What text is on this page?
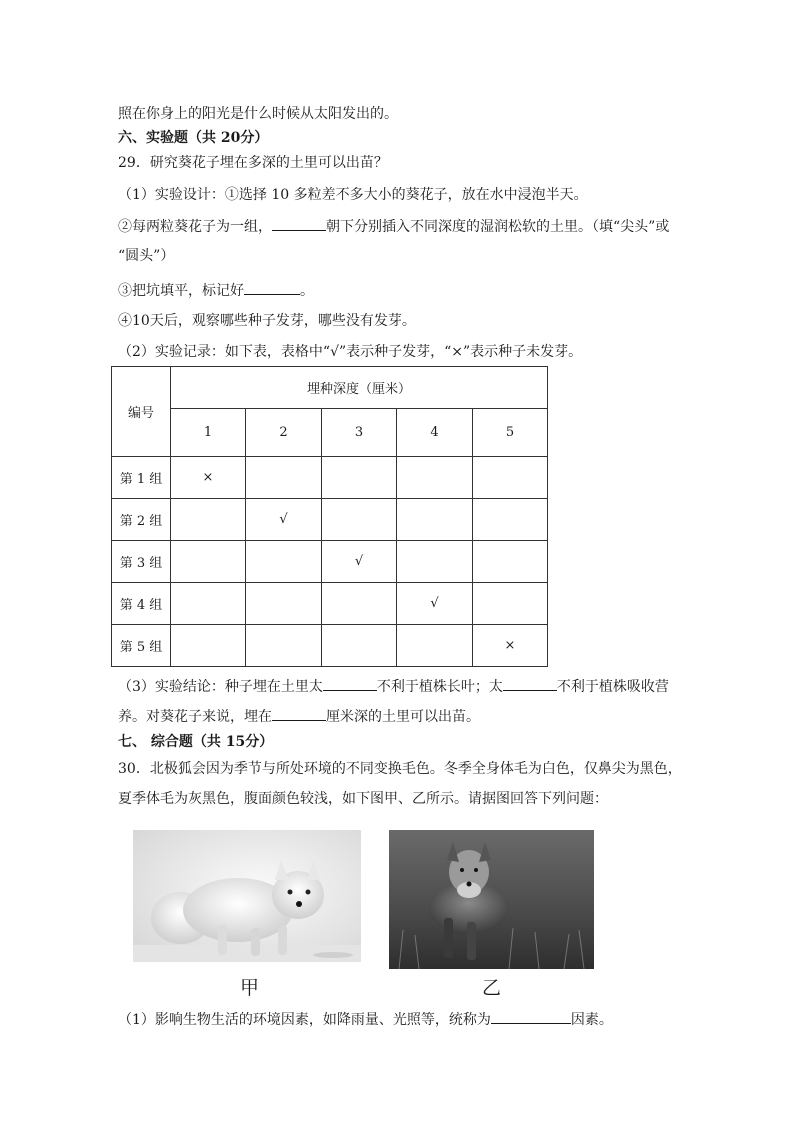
照在你身上的阳光是什么时候从太阳发出的。
六、实验题（共 20分）
29．研究葵花子埋在多深的土里可以出苗？
（1）实验设计：①选择 10 多粒差不多大小的葵花子，放在水中浸泡半天。
②每两粒葵花子为一组，	朝下分别插入不同深度的湿润松软的土里。（填“尖头”或
“圆头”）
③把坑填平，标记好	。
④10天后，观察哪些种子发芽，哪些没有发芽。
（2）实验记录：如下表，表格中“√”表示种子发芽，“×”表示种子未发芽。
编号	埋种深度（厘米）				
	1	2	3	4	5
第 1 组	×				
第 2 组		√			
第 3 组			√		
第 4 组				√	
第 5 组					×
（3）实验结论：种子埋在土里太	不利于植株长叶；太	不利于植株吸收营
养。对葵花子来说，埋在	厘米深的土里可以出苗。
七、 综合题（共 15分）
30．北极狐会因为季节与所处环境的不同变换毛色。冬季全身体毛为白色，仅鼻尖为黑色，
夏季体毛为灰黑色，腹面颜色较浅，如下图甲、乙所示。请据图回答下列问题：
甲	乙
（1）影响生物生活的环境因素，如降雨量、光照等，统称为	因素。
